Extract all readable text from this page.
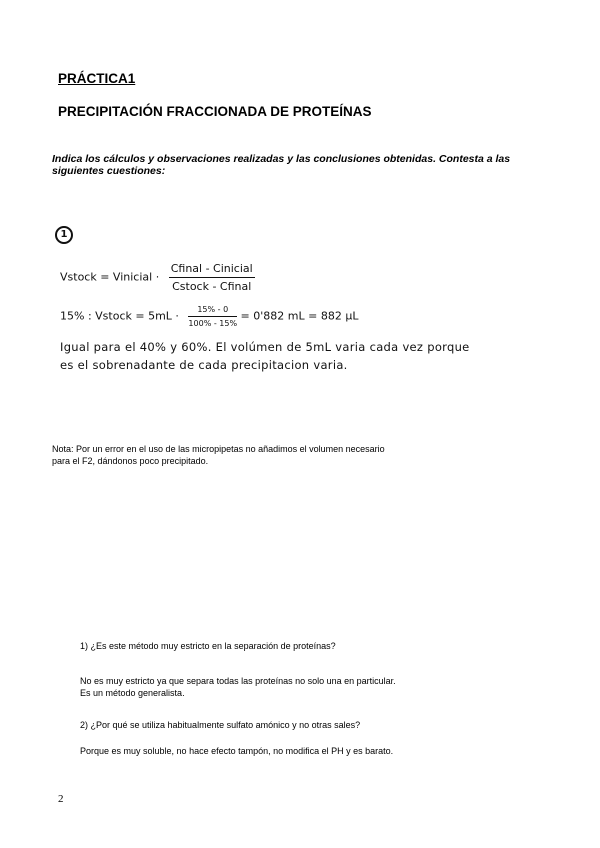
PRÁCTICA1
PRECIPITACIÓN FRACCIONADA DE PROTEÍNAS
Indica los cálculos y observaciones realizadas y las conclusiones obtenidas. Contesta a las siguientes cuestiones:
1
Vstock = Vinicial · $\frac{\text{Cfinal - Cinicial}}{\text{Cstock - Cfinal}}$
15% : Vstock = $5mL \cdot \frac{15\% - 0}{100\% - 15\%} = 0'882$ mL = 882 μL
Igual para el 40% y 60%. El volúmen de 5mL varia cada vez porque
es el sobrenadante de cada precipitacion varia.
Nota: Por un error en el uso de las micropipetas no añadimos el volumen necesario para el F2, dándonos poco precipitado.
1) ¿Es este método muy estricto en la separación de proteínas?
No es muy estricto ya que separa todas las proteínas no solo una en particular. Es un método generalista.
2) ¿Por qué se utiliza habitualmente sulfato amónico y no otras sales?
Porque es muy soluble, no hace efecto tampón, no modifica el PH y es barato.
2
